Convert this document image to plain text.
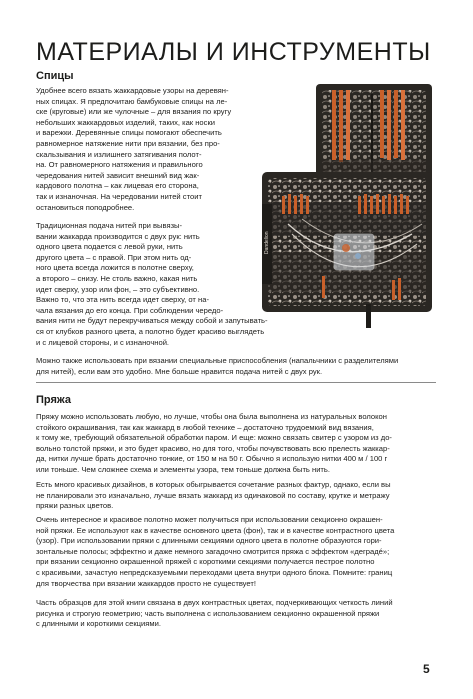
МАТЕРИАЛЫ И ИНСТРУМЕНТЫ
Спицы

Удобнее всего вязать жаккардовые узоры на деревян-
ных спицах. Я предпочитаю бамбуковые спицы на ле-
ске (круговые) или же чулочные – для вязания по кругу
небольших жаккардовых изделий, таких, как носки
и варежки. Деревянные спицы помогают обеспечить
равномерное натяжение нити при вязании, без про-
скальзывания и излишнего затягивания полот-
на. От равномерного натяжения и правильного
чередования нитей зависит внешний вид жак-
кардового полотна – как лицевая его сторона,
так и изнаночная. На чередовании нитей стоит
остановиться поподробнее.

Традиционная подача нитей при вывязы-
вании жаккарда производится с двух рук: нить
одного цвета подается с левой руки, нить
другого цвета – с правой. При этом нить од-
ного цвета всегда ложится в полотне сверху,
а второго – снизу. Не столь важно, какая нить
идет сверху, узор или фон, – это субъективно.
Важно то, что эта нить всегда идет сверху, от на-
чала вязания до его конца. При соблюдении чередо-
вания нити не будут перекручиваться между собой и запутывать-
ся от клубков разного цвета, а полотно будет красиво выглядеть
и с лицевой стороны, и с изнаночной.

Можно также использовать при вязании специальные приспособления (напальчники с разделителями
для нитей), если вам это удобно. Мне больше нравится подача нитей с двух рук.

Пряжа

Пряжу можно использовать любую, но лучше, чтобы она была выполнена из натуральных волокон
стойкого окрашивания, так как жаккард в любой технике – достаточно трудоемкий вид вязания,
к тому же, требующий обязательной обработки паром. И еще: можно связать свитер с узором из до-
вольно толстой пряжи, и это будет красиво, но для того, чтобы почувствовать всю прелесть жаккар-
да, нитки лучше брать достаточно тонкие, от 150 м на 50 г. Обычно я использую нитки 400 м / 100 г
или тоньше. Чем сложнее схема и элементы узора, тем тоньше должна быть нить.

Есть много красивых дизайнов, в которых обыгрывается сочетание разных фактур, однако, если вы
не планировали это изначально, лучше вязать жаккард из одинаковой по составу, крутке и метражу
пряжи разных цветов.

Очень интересное и красивое полотно может получиться при использовании секционно окрашен-
ной пряжи. Ее используют как в качестве основного цвета (фон), так и в качестве контрастного цвета
(узор). При использовании пряжи с длинными секциями одного цвета в полотне образуются гори-
зонтальные полосы; эффектно и даже немного загадочно смотрится пряжа с эффектом «деградé»;
при вязании секционно окрашенной пряжей с короткими секциями получается пестрое полотно
с красивыми, зачастую непредсказуемыми переходами цвета внутри одного блока. Помните: границ
для творчества при вязании жаккардов просто не существует!

Часть образцов для этой книги связана в двух контрастных цветах, подчеркивающих четкость линий
рисунка и строгую геометрию; часть выполнена с использованием секционно окрашенной пряжи
с длинными и короткими секциями.

5
Dandelion
